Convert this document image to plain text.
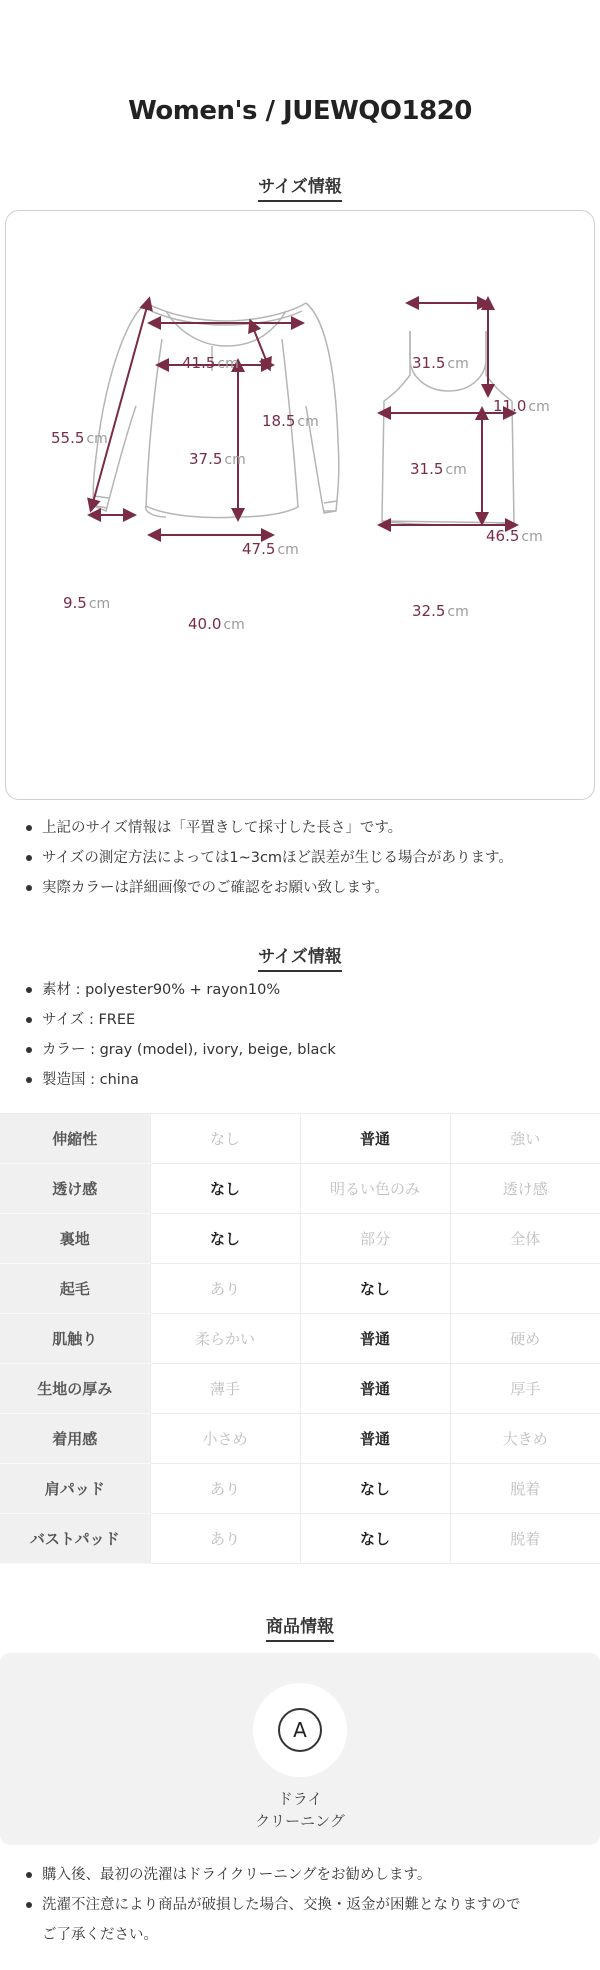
Women's / JUEWQO1820
サイズ情報
41.5 cm
18.5 cm
55.5 cm
37.5 cm
47.5 cm
9.5 cm
40.0 cm
31.5 cm
11.0 cm
31.5 cm
46.5 cm
32.5 cm
上記のサイズ情報は「平置きして採寸した長さ」です。
サイズの測定方法によっては1~3cmほど誤差が生じる場合があります。
実際カラーは詳細画像でのご確認をお願い致します。
サイズ情報
素材 : polyester90% + rayon10%
サイズ : FREE
カラー : gray (model), ivory, beige, black
製造国 : china
伸縮性	なし	普通	強い
透け感	なし	明るい色のみ	透け感
裏地	なし	部分	全体
起毛	あり	なし	
肌触り	柔らかい	普通	硬め
生地の厚み	薄手	普通	厚手
着用感	小さめ	普通	大きめ
肩パッド	あり	なし	脱着
バストパッド	あり	なし	脱着
商品情報
A
ドライ
クリーニング
購入後、最初の洗濯はドライクリーニングをお勧めします。
洗濯不注意により商品が破損した場合、交換・返金が困難となりますので
ご了承ください。
